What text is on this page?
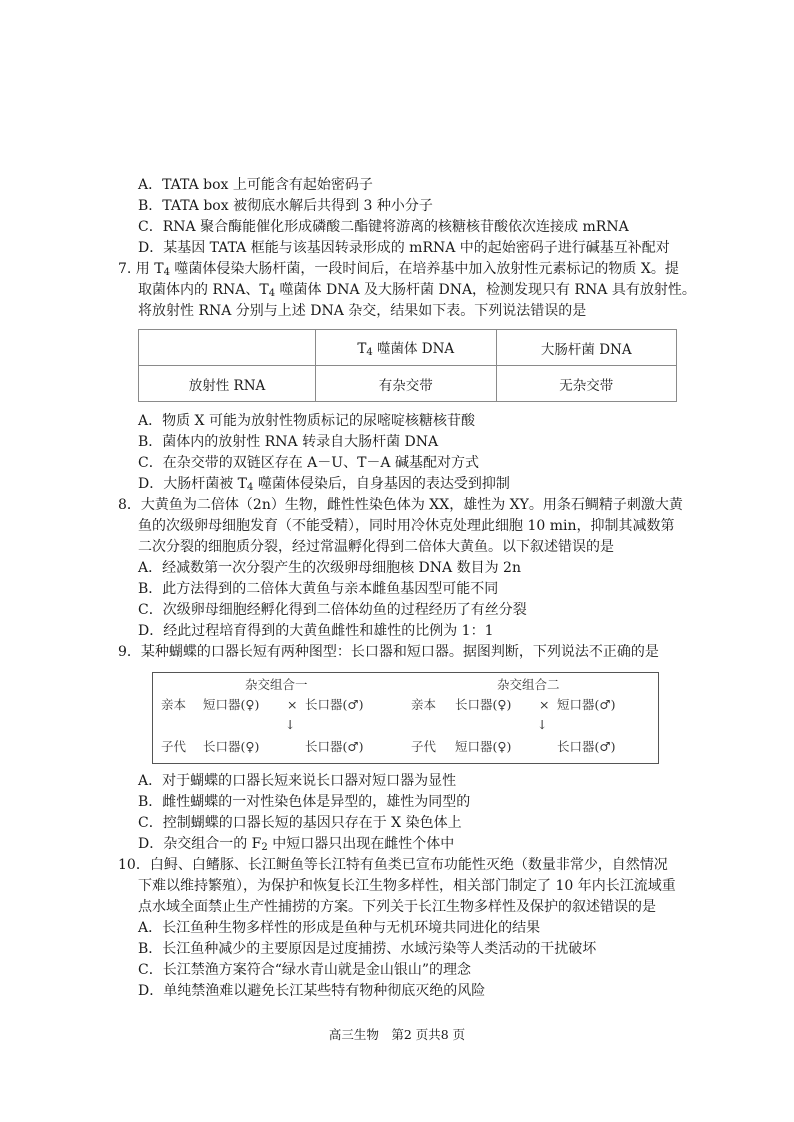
A．TATA box 上可能含有起始密码子
B．TATA box 被彻底水解后共得到 3 种小分子
C．RNA 聚合酶能催化形成磷酸二酯键将游离的核糖核苷酸依次连接成 mRNA
D．某基因 TATA 框能与该基因转录形成的 mRNA 中的起始密码子进行碱基互补配对
7. 用 $T_4$ 噬菌体侵染大肠杆菌，一段时间后，在培养基中加入放射性元素标记的物质 X。提
取菌体内的 RNA、$T_4$ 噬菌体 DNA 及大肠杆菌 DNA，检测发现只有 RNA 具有放射性。
将放射性 RNA 分别与上述 DNA 杂交，结果如下表。下列说法错误的是
	$T_4$ 噬菌体 DNA	大肠杆菌 DNA
放射性 RNA	有杂交带	无杂交带
A．物质 X 可能为放射性物质标记的尿嘧啶核糖核苷酸
B．菌体内的放射性 RNA 转录自大肠杆菌 DNA
C．在杂交带的双链区存在 A－U、T－A 碱基配对方式
D．大肠杆菌被 $T_4$ 噬菌体侵染后，自身基因的表达受到抑制
8．大黄鱼为二倍体（2n）生物，雌性性染色体为 XX，雄性为 XY。用条石鲷精子刺激大黄
鱼的次级卵母细胞发育（不能受精），同时用冷休克处理此细胞 10 min，抑制其减数第
二次分裂的细胞质分裂，经过常温孵化得到二倍体大黄鱼。以下叙述错误的是
A．经减数第一次分裂产生的次级卵母细胞核 DNA 数目为 2n
B．此方法得到的二倍体大黄鱼与亲本雌鱼基因型可能不同
C．次级卵母细胞经孵化得到二倍体幼鱼的过程经历了有丝分裂
D．经此过程培育得到的大黄鱼雌性和雄性的比例为 1：1
9．某种蝴蝶的口器长短有两种图型：长口器和短口器。据图判断，下列说法不正确的是
杂交组合一	杂交组合二
亲本 短口器(♀) × 长口器(♂)	亲本 长口器(♀) × 短口器(♂)
↓	↓
子代 长口器(♀)	长口器(♂)	子代 短口器(♀)	长口器(♂)
A．对于蝴蝶的口器长短来说长口器对短口器为显性
B．雌性蝴蝶的一对性染色体是异型的，雄性为同型的
C．控制蝴蝶的口器长短的基因只存在于 X 染色体上
D．杂交组合一的 $F_2$ 中短口器只出现在雌性个体中
10．白鲟、白鳍豚、长江鲥鱼等长江特有鱼类已宣布功能性灭绝（数量非常少，自然情况
下难以维持繁殖），为保护和恢复长江生物多样性，相关部门制定了 10 年内长江流域重
点水域全面禁止生产性捕捞的方案。下列关于长江生物多样性及保护的叙述错误的是
A．长江鱼种生物多样性的形成是鱼种与无机环境共同进化的结果
B．长江鱼种减少的主要原因是过度捕捞、水域污染等人类活动的干扰破坏
C．长江禁渔方案符合“绿水青山就是金山银山”的理念
D．单纯禁渔难以避免长江某些特有物种彻底灭绝的风险
高三生物　第2 页共8 页
